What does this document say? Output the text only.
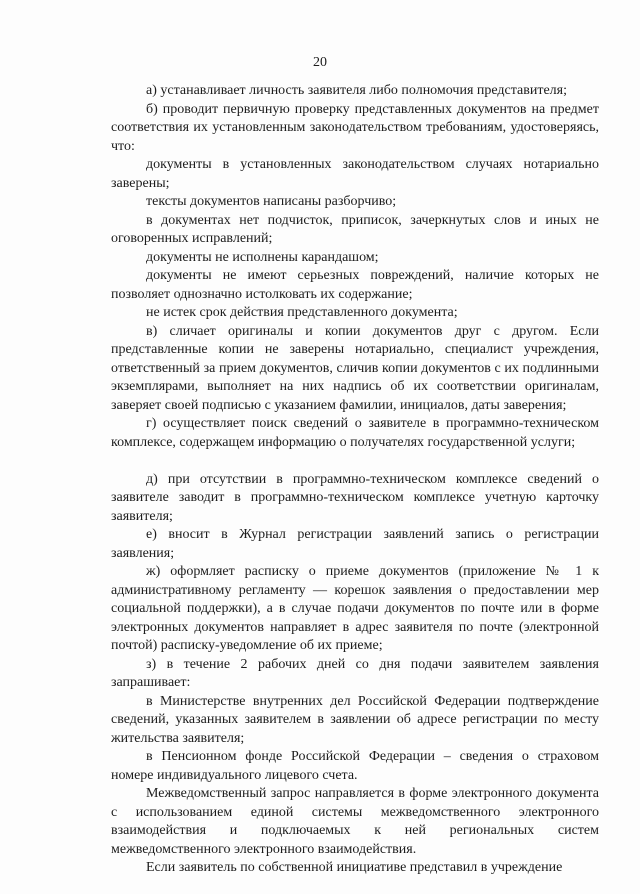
20

а) устанавливает личность заявителя либо полномочия представителя;

б) проводит первичную проверку представленных документов на предмет соответствия их установленным законодательством требованиям, удостоверяясь, что:

документы в установленных законодательством случаях нотариально заверены;

тексты документов написаны разборчиво;

в документах нет подчисток, приписок, зачеркнутых слов и иных не оговоренных исправлений;

документы не исполнены карандашом;

документы не имеют серьезных повреждений, наличие которых не позволяет однозначно истолковать их содержание;

не истек срок действия представленного документа;

в) сличает оригиналы и копии документов друг с другом. Если представленные копии не заверены нотариально, специалист учреждения, ответственный за прием документов, сличив копии документов с их подлинными экземплярами, выполняет на них надпись об их соответствии оригиналам, заверяет своей подписью с указанием фамилии, инициалов, даты заверения;

г) осуществляет поиск сведений о заявителе в программно-техническом комплексе, содержащем информацию о получателях государственной услуги;

д) при отсутствии в программно-техническом комплексе сведений о заявителе заводит в программно-техническом комплексе учетную карточку заявителя;

е) вносит в Журнал регистрации заявлений запись о регистрации заявления;

ж) оформляет расписку о приеме документов (приложение № 1 к административному регламенту — корешок заявления о предоставлении мер социальной поддержки), а в случае подачи документов по почте или в форме электронных документов направляет в адрес заявителя по почте (электронной почтой) расписку-уведомление об их приеме;

з) в течение 2 рабочих дней со дня подачи заявителем заявления запрашивает:

в Министерстве внутренних дел Российской Федерации подтверждение сведений, указанных заявителем в заявлении об адресе регистрации по месту жительства заявителя;

в Пенсионном фонде Российской Федерации – сведения о страховом номере индивидуального лицевого счета.

Межведомственный запрос направляется в форме электронного документа с использованием единой системы межведомственного электронного взаимодействия и подключаемых к ней региональных систем межведомственного электронного взаимодействия.

Если заявитель по собственной инициативе представил в учреждение
